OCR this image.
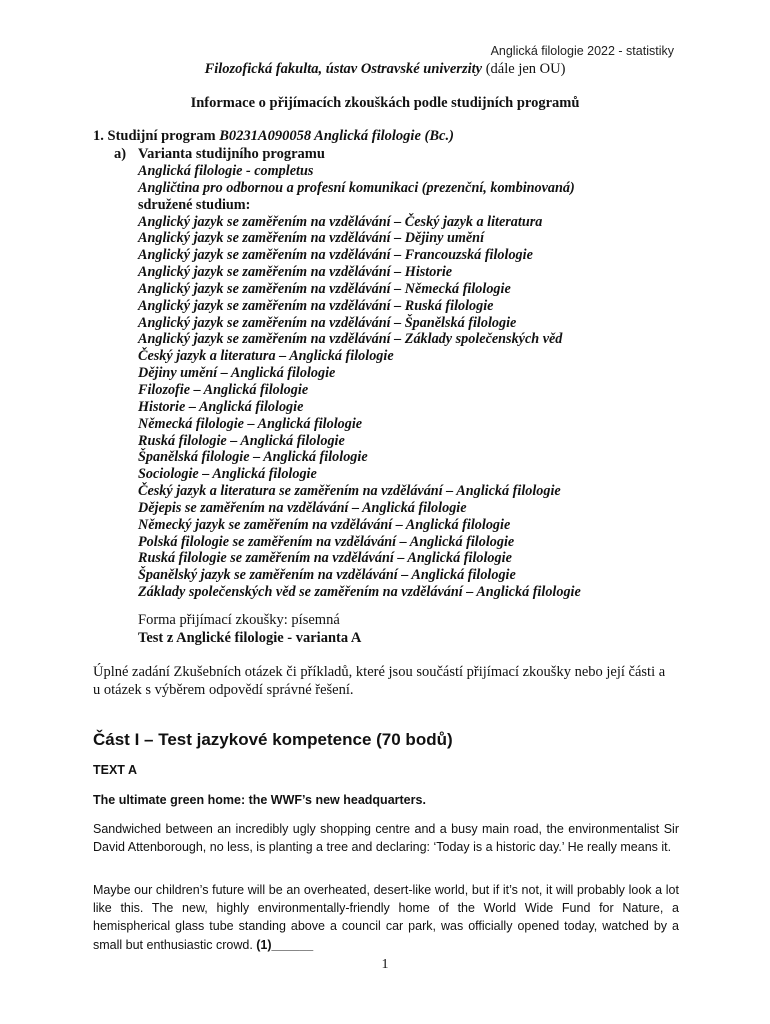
Anglická filologie 2022 - statistiky
Filozofická fakulta, ústav Ostravské univerzity (dále jen OU)
Informace o přijímacích zkouškách podle studijních programů
1. Studijní program B0231A090058 Anglická filologie (Bc.)
a) Varianta studijního programu
Anglická filologie - completus
Angličtina pro odbornou a profesní komunikaci (prezenční, kombinovaná)
sdružené studium:
Anglický jazyk se zaměřením na vzdělávání – Český jazyk a literatura
Anglický jazyk se zaměřením na vzdělávání – Dějiny umění
Anglický jazyk se zaměřením na vzdělávání – Francouzská filologie
Anglický jazyk se zaměřením na vzdělávání – Historie
Anglický jazyk se zaměřením na vzdělávání – Německá filologie
Anglický jazyk se zaměřením na vzdělávání – Ruská filologie
Anglický jazyk se zaměřením na vzdělávání – Španělská filologie
Anglický jazyk se zaměřením na vzdělávání – Základy společenských věd
Český jazyk a literatura – Anglická filologie
Dějiny umění – Anglická filologie
Filozofie – Anglická filologie
Historie – Anglická filologie
Německá filologie – Anglická filologie
Ruská filologie – Anglická filologie
Španělská filologie – Anglická filologie
Sociologie – Anglická filologie
Český jazyk a literatura se zaměřením na vzdělávání – Anglická filologie
Dějepis se zaměřením na vzdělávání – Anglická filologie
Německý jazyk se zaměřením na vzdělávání – Anglická filologie
Polská filologie se zaměřením na vzdělávání – Anglická filologie
Ruská filologie se zaměřením na vzdělávání – Anglická filologie
Španělský jazyk se zaměřením na vzdělávání – Anglická filologie
Základy společenských věd se zaměřením na vzdělávání – Anglická filologie
Forma přijímací zkoušky: písemná
Test z Anglické filologie - varianta A
Úplné zadání Zkušebních otázek či příkladů, které jsou součástí přijímací zkoušky nebo její části a u otázek s výběrem odpovědí správné řešení.
Část I – Test jazykové kompetence (70 bodů)
TEXT A
The ultimate green home: the WWF’s new headquarters.
Sandwiched between an incredibly ugly shopping centre and a busy main road, the environmentalist Sir David Attenborough, no less, is planting a tree and declaring: ‘Today is a historic day.’ He really means it.
Maybe our children’s future will be an overheated, desert-like world, but if it’s not, it will probably look a lot like this. The new, highly environmentally-friendly home of the World Wide Fund for Nature, a hemispherical glass tube standing above a council car park, was officially opened today, watched by a small but enthusiastic crowd. (1)______
1
